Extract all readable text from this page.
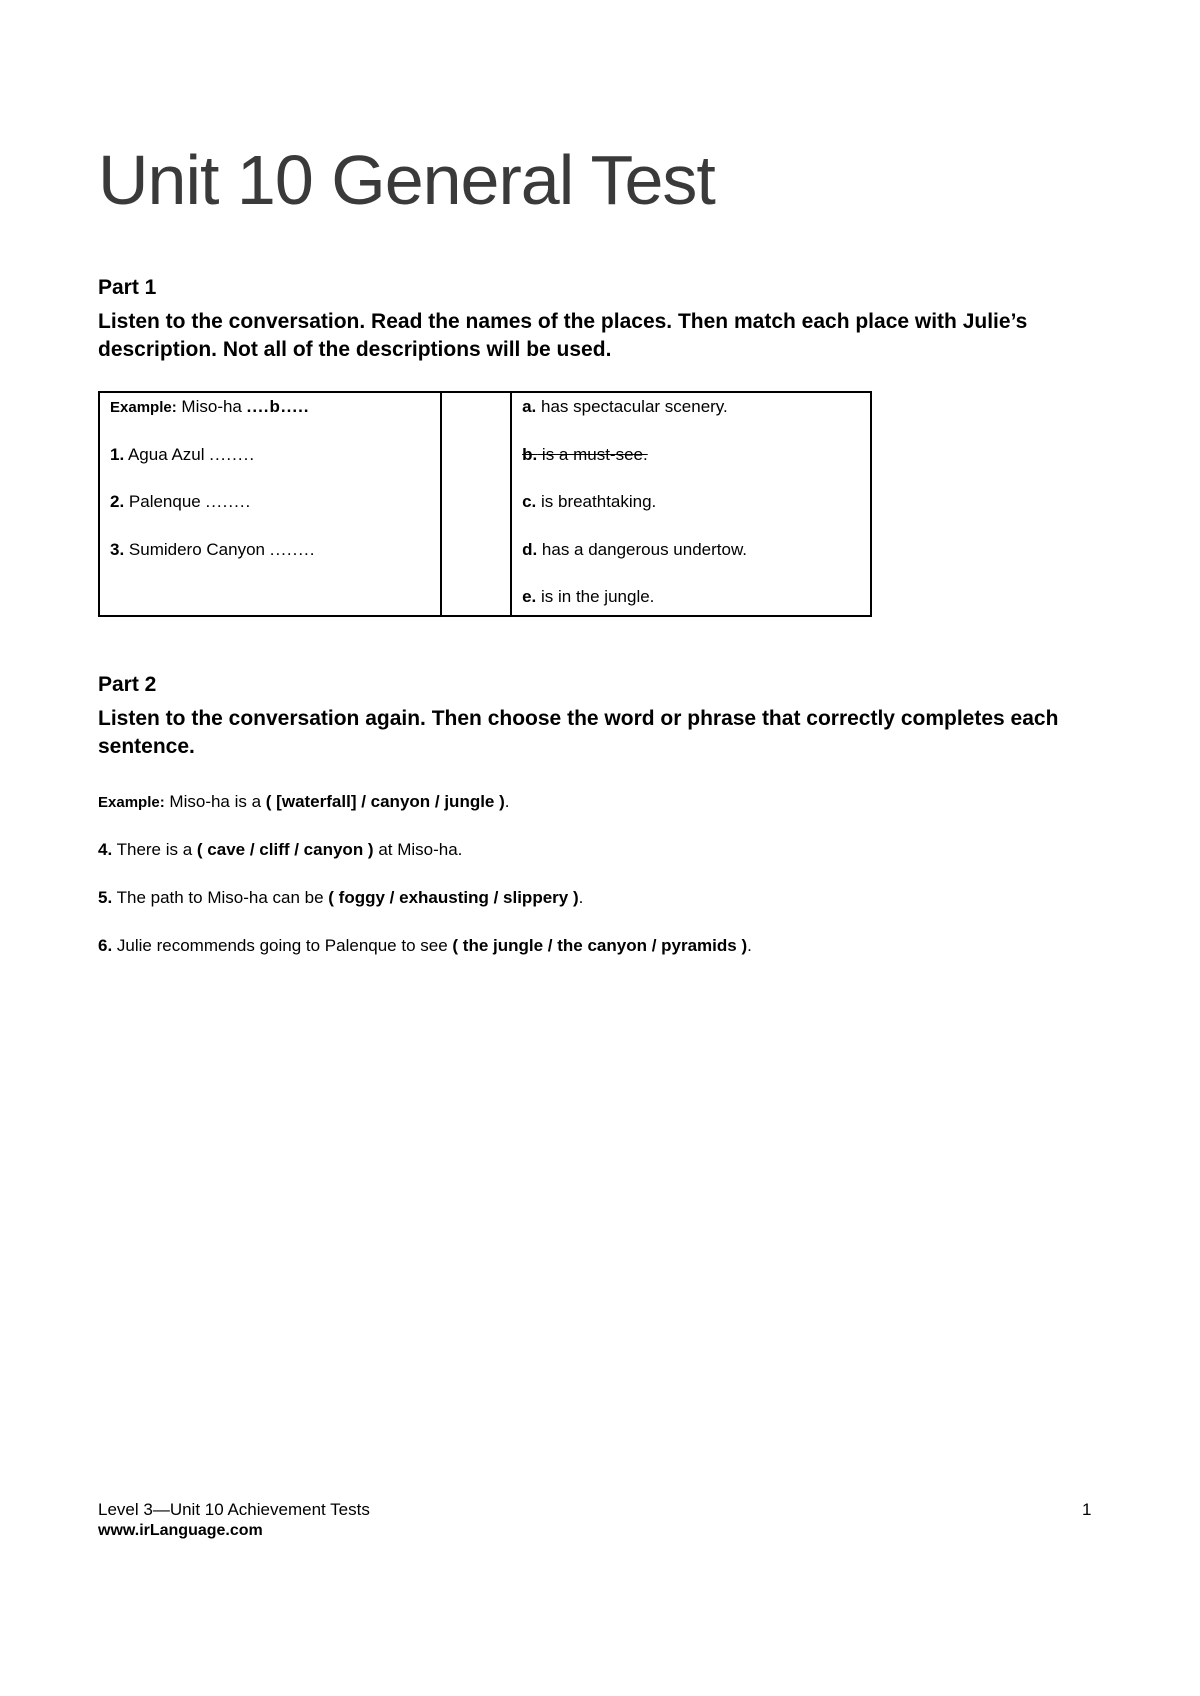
Unit 10 General Test

Part 1

Listen to the conversation. Read the names of the places. Then match each place with Julie’s description. Not all of the descriptions will be used.

Example: Miso-ha ....b.....
1. Agua Azul ........
2. Palenque ........
3. Sumidero Canyon ........

a. has spectacular scenery.
b. is a must-see.
c. is breathtaking.
d. has a dangerous undertow.
e. is in the jungle.

Part 2

Listen to the conversation again. Then choose the word or phrase that correctly completes each sentence.

Example: Miso-ha is a ( [waterfall] / canyon / jungle ).

4. There is a ( cave / cliff / canyon ) at Miso-ha.

5. The path to Miso-ha can be ( foggy / exhausting / slippery ).

6. Julie recommends going to Palenque to see ( the jungle / the canyon / pyramids ).

Level 3—Unit 10 Achievement Tests
www.irLanguage.com
1
